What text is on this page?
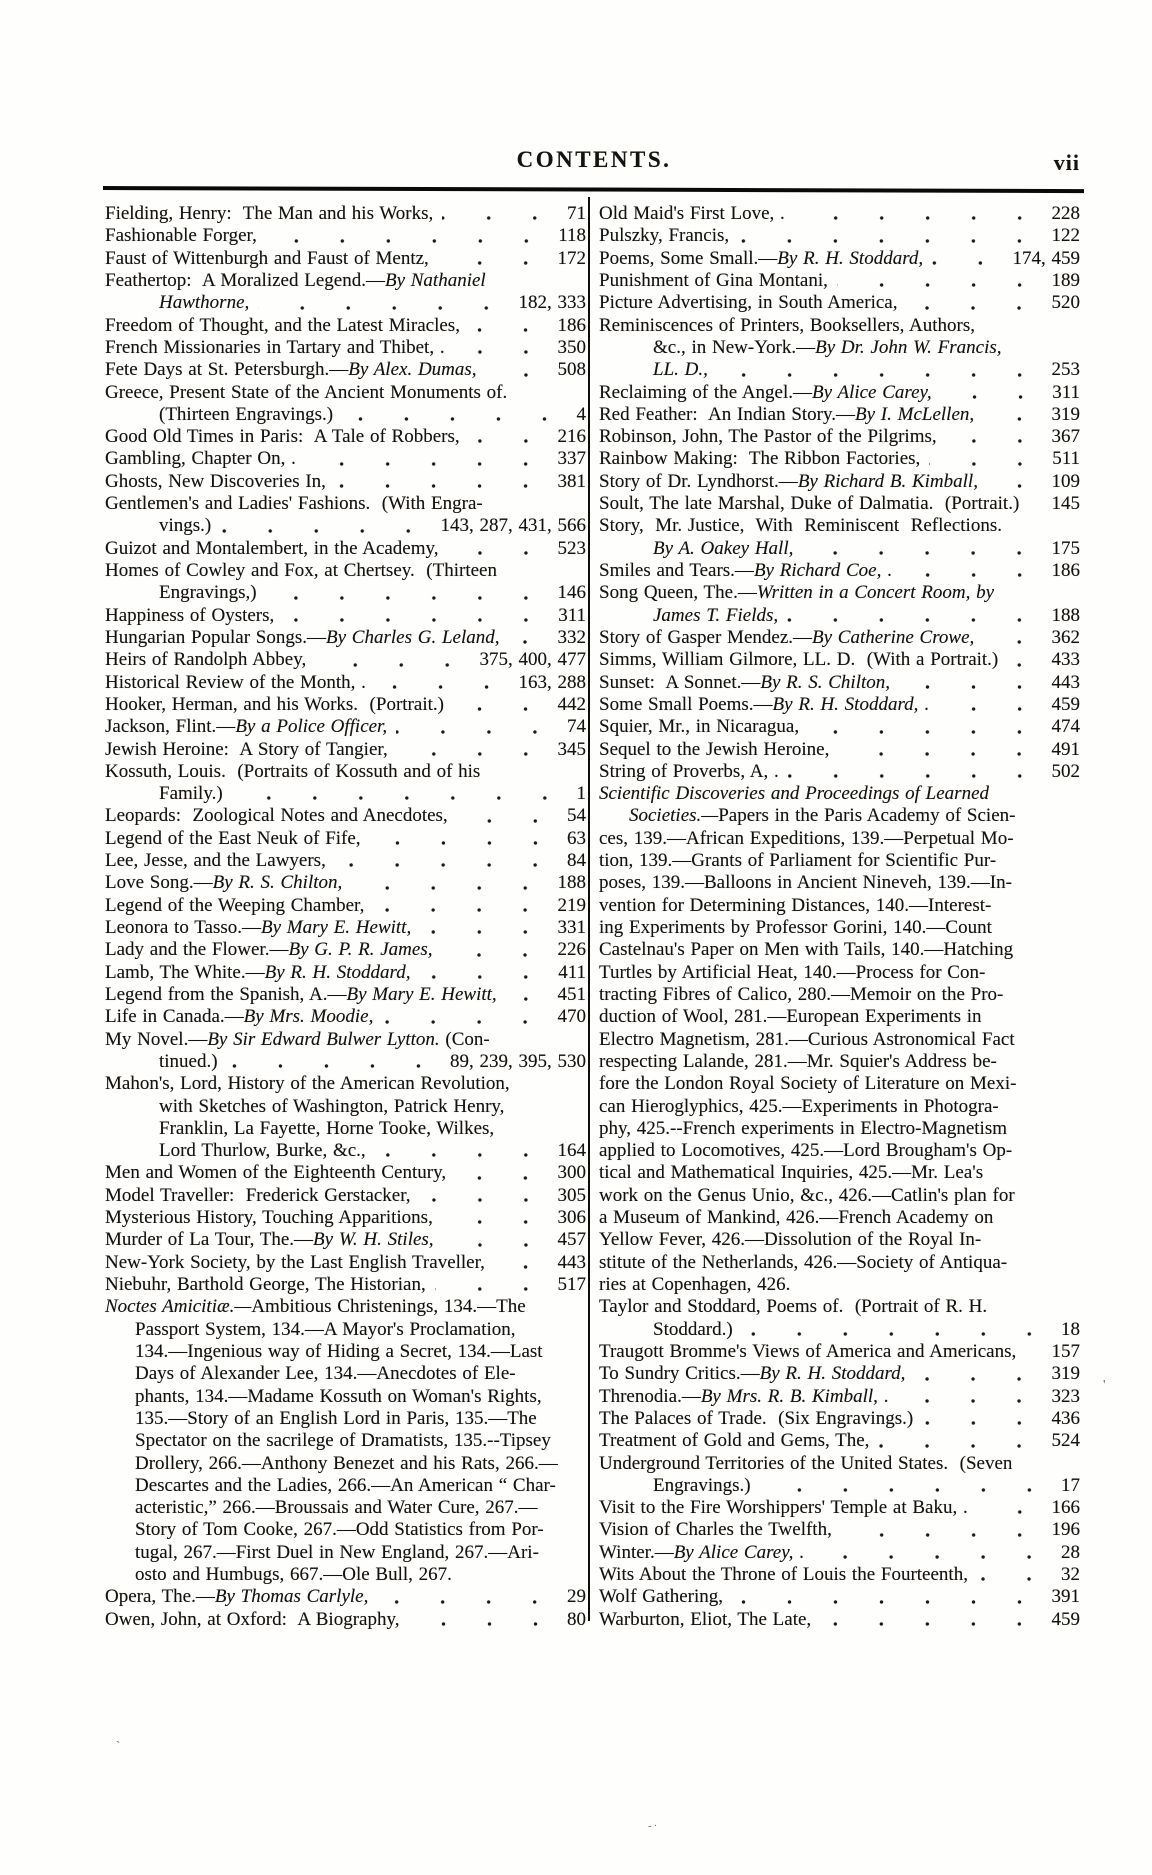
CONTENTS.	vii
Fielding, Henry:  The Man and his Works,	71
Fashionable Forger,	118
Faust of Wittenburgh and Faust of Mentz,	172
Feathertop:  A Moralized Legend.— By Nathaniel
Hawthorne,	182, 333
Freedom of Thought, and the Latest Miracles,	186
French Missionaries in Tartary and Thibet, .	350
Fete Days at St. Petersburgh.— By Alex. Dumas,	508
Greece, Present State of the Ancient Monuments of.
(Thirteen Engravings.)	4
Good Old Times in Paris:  A Tale of Robbers,	216
Gambling, Chapter On, .	337
Ghosts, New Discoveries In,	381
Gentlemen's and Ladies' Fashions.  (With Engra-
vings.)	143, 287, 431, 566
Guizot and Montalembert, in the Academy,	523
Homes of Cowley and Fox, at Chertsey.  (Thirteen
Engravings,)	146
Happiness of Oysters,	311
Hungarian Popular Songs.— By Charles G. Leland,	332
Heirs of Randolph Abbey,	375, 400, 477
Historical Review of the Month, .	163, 288
Hooker, Herman, and his Works.  (Portrait.)	442
Jackson, Flint.— By a Police Officer,	74
Jewish Heroine:  A Story of Tangier,	345
Kossuth, Louis.  (Portraits of Kossuth and of his
Family.)	1
Leopards:  Zoological Notes and Anecdotes,	54
Legend of the East Neuk of Fife,	63
Lee, Jesse, and the Lawyers,	84
Love Song.— By R. S. Chilton,	188
Legend of the Weeping Chamber,	219
Leonora to Tasso.— By Mary E. Hewitt,	331
Lady and the Flower.— By G. P. R. James,	226
Lamb, The White.— By R. H. Stoddard,	411
Legend from the Spanish, A.— By Mary E. Hewitt,	451
Life in Canada.— By Mrs. Moodie,	470
My Novel.— By Sir Edward Bulwer Lytton. (Con-
tinued.)	89, 239, 395, 530
Mahon's, Lord, History of the American Revolution,
with Sketches of Washington, Patrick Henry,
Franklin, La Fayette, Horne Tooke, Wilkes,
Lord Thurlow, Burke, &c.,	164
Men and Women of the Eighteenth Century,	300
Model Traveller:  Frederick Gerstacker,	305
Mysterious History, Touching Apparitions,	306
Murder of La Tour, The.— By W. H. Stiles,	457
New-York Society, by the Last English Traveller,	443
Niebuhr, Barthold George, The Historian,	517
Noctes Amicitiæ.— Ambitious Christenings, 134.—The
Passport System, 134.—A Mayor's Proclamation,
134.—Ingenious way of Hiding a Secret, 134.—Last
Days of Alexander Lee, 134.—Anecdotes of Ele-
phants, 134.—Madame Kossuth on Woman's Rights,
135.—Story of an English Lord in Paris, 135.—The
Spectator on the sacrilege of Dramatists, 135.--Tipsey
Drollery, 266.—Anthony Benezet and his Rats, 266.—
Descartes and the Ladies, 266.—An American “ Char-
acteristic,” 266.—Broussais and Water Cure, 267.—
Story of Tom Cooke, 267.—Odd Statistics from Por-
tugal, 267.—First Duel in New England, 267.—Ari-
osto and Humbugs, 667.—Ole Bull, 267.
Opera, The.— By Thomas Carlyle,	29
Owen, John, at Oxford:  A Biography,	80
Old Maid's First Love, .	228
Pulszky, Francis,	122
Poems, Some Small.— By R. H. Stoddard,	174, 459
Punishment of Gina Montani,	189
Picture Advertising, in South America,	520
Reminiscences of Printers, Booksellers, Authors,
&c., in New-York.— By Dr. John W. Francis,
LL. D.,	253
Reclaiming of the Angel.— By Alice Carey,	311
Red Feather:  An Indian Story.— By I. McLellen,	319
Robinson, John, The Pastor of the Pilgrims,	367
Rainbow Making:  The Ribbon Factories,	511
Story of Dr. Lyndhorst.— By Richard B. Kimball,	109
Soult, The late Marshal, Duke of Dalmatia.  (Portrait.) 145
Story,  Mr. Justice,  With  Reminiscent  Reflections.
By A. Oakey Hall,	175
Smiles and Tears.— By Richard Coe, .	186
Song Queen, The.— Written in a Concert Room, by
James T. Fields,	188
Story of Gasper Mendez.— By Catherine Crowe,	362
Simms, William Gilmore, LL. D.  (With a Portrait.)	433
Sunset:  A Sonnet.— By R. S. Chilton,	443
Some Small Poems.— By R. H. Stoddard, .	459
Squier, Mr., in Nicaragua,	474
Sequel to the Jewish Heroine,	491
String of Proverbs, A, .	502
Scientific Discoveries and Proceedings of Learned
Societies.— Papers in the Paris Academy of Scien-
ces, 139.—African Expeditions, 139.—Perpetual Mo-
tion, 139.—Grants of Parliament for Scientific Pur-
poses, 139.—Balloons in Ancient Nineveh, 139.—In-
vention for Determining Distances, 140.—Interest-
ing Experiments by Professor Gorini, 140.—Count
Castelnau's Paper on Men with Tails, 140.—Hatching
Turtles by Artificial Heat, 140.—Process for Con-
tracting Fibres of Calico, 280.—Memoir on the Pro-
duction of Wool, 281.—European Experiments in
Electro Magnetism, 281.—Curious Astronomical Fact
respecting Lalande, 281.—Mr. Squier's Address be-
fore the London Royal Society of Literature on Mexi-
can Hieroglyphics, 425.—Experiments in Photogra-
phy, 425.--French experiments in Electro-Magnetism
applied to Locomotives, 425.—Lord Brougham's Op-
tical and Mathematical Inquiries, 425.—Mr. Lea's
work on the Genus Unio, &c., 426.—Catlin's plan for
a Museum of Mankind, 426.—French Academy on
Yellow Fever, 426.—Dissolution of the Royal In-
stitute of the Netherlands, 426.—Society of Antiqua-
ries at Copenhagen, 426.
Taylor and Stoddard, Poems of.  (Portrait of R. H.
Stoddard.)	18
Traugott Bromme's Views of America and Americans, 157
To Sundry Critics.— By R. H. Stoddard,	319
Threnodia.— By Mrs. R. B. Kimball, .	323
The Palaces of Trade.  (Six Engravings.)	436
Treatment of Gold and Gems, The,	524
Underground Territories of the United States.  (Seven
Engravings.)	17
Visit to the Fire Worshippers' Temple at Baku, .	166
Vision of Charles the Twelfth,	196
Winter.— By Alice Carey, .	28
Wits About the Throne of Louis the Fourteenth,	32
Wolf Gathering,	391
Warburton, Eliot, The Late,	459
`
-·
'
